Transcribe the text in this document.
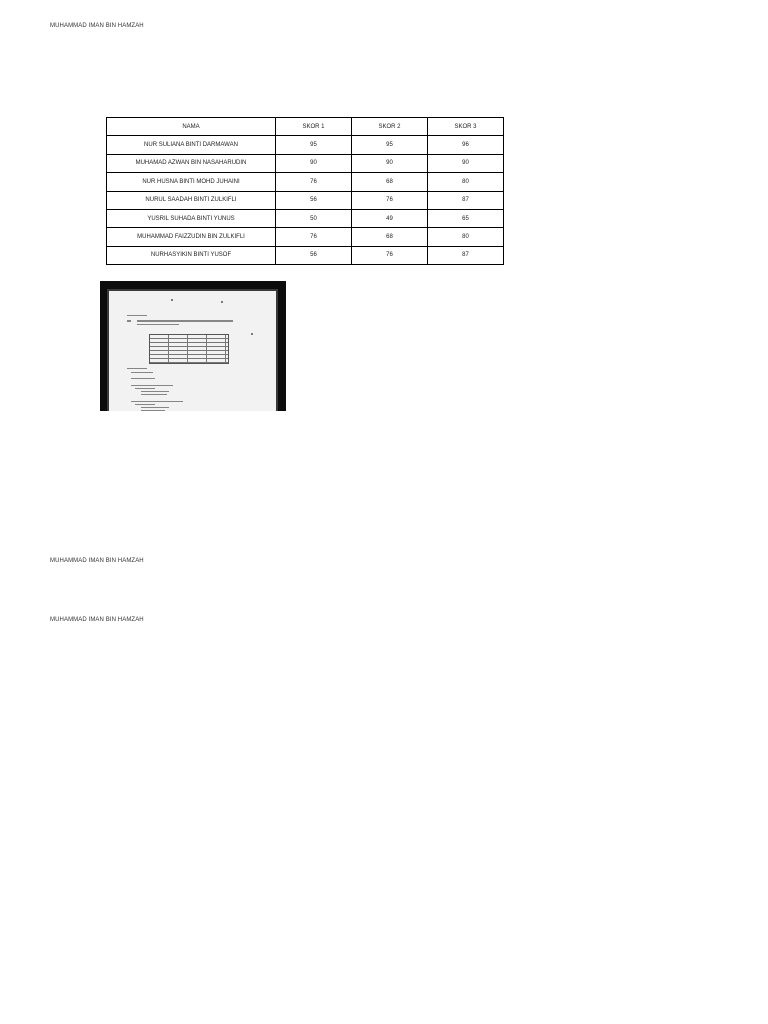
MUHAMMAD IMAN BIN HAMZAH
NAMA	SKOR 1	SKOR 2	SKOR 3
NUR SULIANA BINTI DARMAWAN	95	95	96
MUHAMAD AZWAN BIN NASAHARUDIN	90	90	90
NUR HUSNA BINTI MOHD JUHAINI	76	68	80
NURUL SAADAH BINTI ZULKIFLI	56	76	87
YUSRIL SUHADA BINTI YUNUS	50	49	65
MUHAMMAD FAIZZUDIN BIN ZULKIFLI	76	68	80
NURHASYIKIN BINTI YUSOF	56	76	87
MUHAMMAD IMAN BIN HAMZAH
MUHAMMAD IMAN BIN HAMZAH
